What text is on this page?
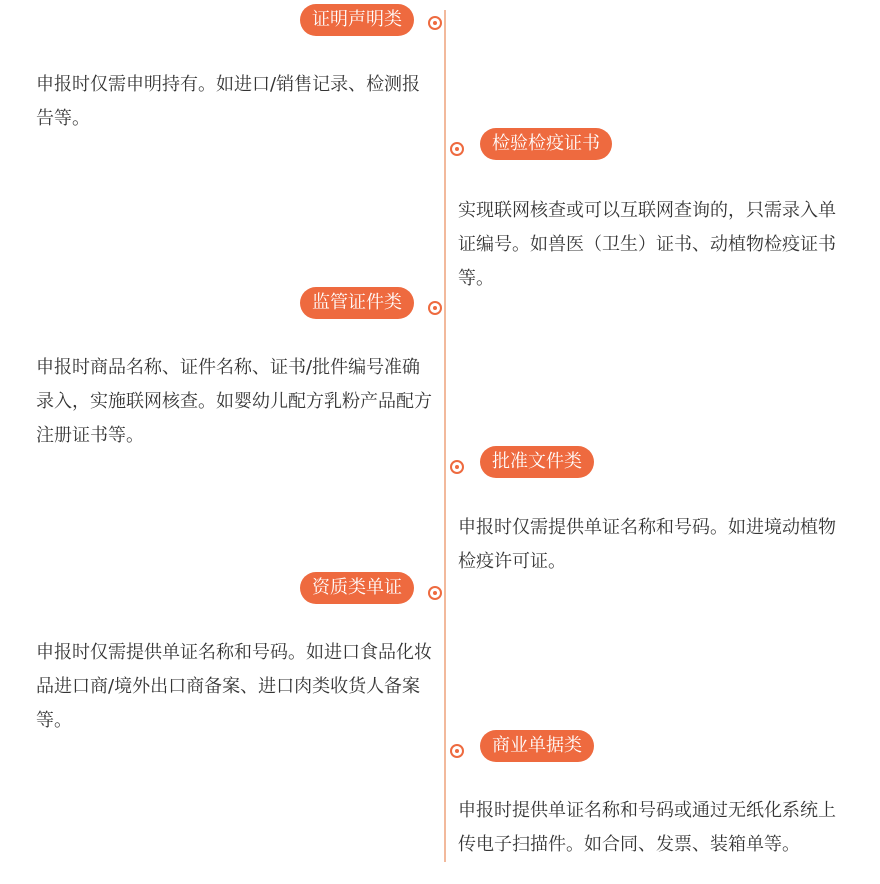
证明声明类

申报时仅需申明持有。如进口/销售记录、检测报告等。

检验检疫证书

实现联网核查或可以互联网查询的，只需录入单证编号。如兽医（卫生）证书、动植物检疫证书等。

监管证件类

申报时商品名称、证件名称、证书/批件编号准确录入，实施联网核查。如婴幼儿配方乳粉产品配方注册证书等。

批准文件类

申报时仅需提供单证名称和号码。如进境动植物检疫许可证。

资质类单证

申报时仅需提供单证名称和号码。如进口食品化妆品进口商/境外出口商备案、进口肉类收货人备案等。

商业单据类

申报时提供单证名称和号码或通过无纸化系统上传电子扫描件。如合同、发票、装箱单等。
